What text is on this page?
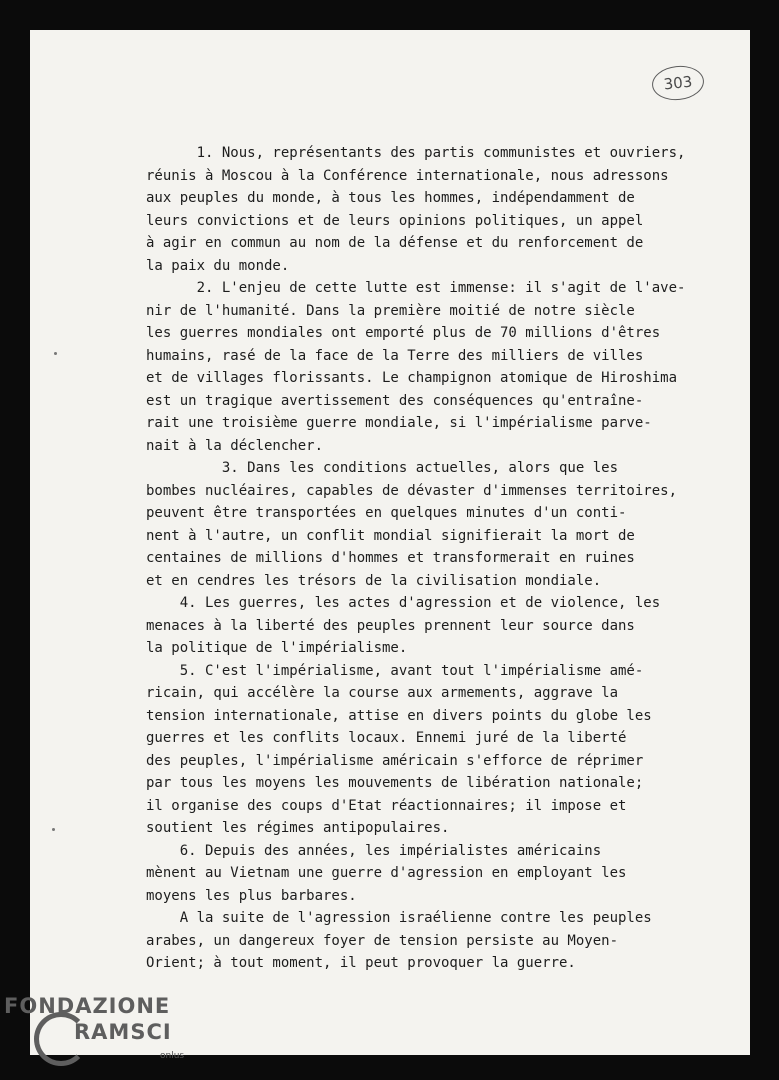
303
1. Nous, représentants des partis communistes et ouvriers,
réunis à Moscou à la Conférence internationale, nous adressons
aux peuples du monde, à tous les hommes, indépendamment de
leurs convictions et de leurs opinions politiques, un appel
à agir en commun au nom de la défense et du renforcement de
la paix du monde.
2. L'enjeu de cette lutte est immense: il s'agit de l'ave-
nir de l'humanité. Dans la première moitié de notre siècle
les guerres mondiales ont emporté plus de 70 millions d'êtres
humains, rasé de la face de la Terre des milliers de villes
et de villages florissants. Le champignon atomique de Hiroshima
est un tragique avertissement des conséquences qu'entraîne-
rait une troisième guerre mondiale, si l'impérialisme parve-
nait à la déclencher.
3. Dans les conditions actuelles, alors que les
bombes nucléaires, capables de dévaster d'immenses territoires,
peuvent être transportées en quelques minutes d'un conti-
nent à l'autre, un conflit mondial signifierait la mort de
centaines de millions d'hommes et transformerait en ruines
et en cendres les trésors de la civilisation mondiale.
4. Les guerres, les actes d'agression et de violence, les
menaces à la liberté des peuples prennent leur source dans
la politique de l'impérialisme.
5. C'est l'impérialisme, avant tout l'impérialisme amé-
ricain, qui accélère la course aux armements, aggrave la
tension internationale, attise en divers points du globe les
guerres et les conflits locaux. Ennemi juré de la liberté
des peuples, l'impérialisme américain s'efforce de réprimer
par tous les moyens les mouvements de libération nationale;
il organise des coups d'Etat réactionnaires; il impose et
soutient les régimes antipopulaires.
6. Depuis des années, les impérialistes américains
mènent au Vietnam une guerre d'agression en employant les
moyens les plus barbares.
A la suite de l'agression israélienne contre les peuples
arabes, un dangereux foyer de tension persiste au Moyen-
Orient; à tout moment, il peut provoquer la guerre.
FONDAZIONE
RAMSCI
onlus
